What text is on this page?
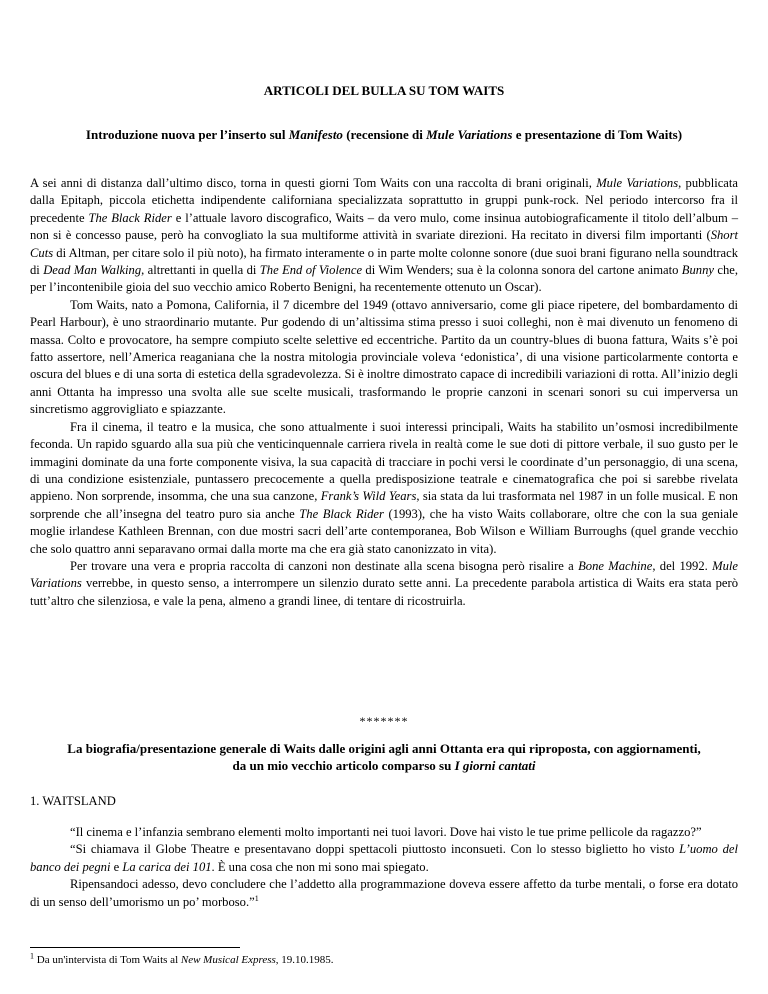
ARTICOLI DEL BULLA SU TOM WAITS

Introduzione nuova per l’inserto sul Manifesto (recensione di Mule Variations e presentazione di Tom Waits)

A sei anni di distanza dall’ultimo disco, torna in questi giorni Tom Waits con una raccolta di brani originali, Mule Variations, pubblicata dalla Epitaph, piccola etichetta indipendente californiana specializzata soprattutto in gruppi punk-rock. Nel periodo intercorso fra il precedente The Black Rider e l’attuale lavoro discografico, Waits – da vero mulo, come insinua autobiograficamente il titolo dell’album – non si è concesso pause, però ha convogliato la sua multiforme attività in svariate direzioni. Ha recitato in diversi film importanti (Short Cuts di Altman, per citare solo il più noto), ha firmato interamente o in parte molte colonne sonore (due suoi brani figurano nella soundtrack di Dead Man Walking, altrettanti in quella di The End of Violence di Wim Wenders; sua è la colonna sonora del cartone animato Bunny che, per l’incontenibile gioia del suo vecchio amico Roberto Benigni, ha recentemente ottenuto un Oscar).

Tom Waits, nato a Pomona, California, il 7 dicembre del 1949 (ottavo anniversario, come gli piace ripetere, del bombardamento di Pearl Harbour), è uno straordinario mutante. Pur godendo di un’altissima stima presso i suoi colleghi, non è mai divenuto un fenomeno di massa. Colto e provocatore, ha sempre compiuto scelte selettive ed eccentriche. Partito da un country-blues di buona fattura, Waits s’è poi fatto assertore, nell’America reaganiana che la nostra mitologia provinciale voleva ‘edonistica’, di una visione particolarmente contorta e oscura del blues e di una sorta di estetica della sgradevolezza. Si è inoltre dimostrato capace di incredibili variazioni di rotta. All’inizio degli anni Ottanta ha impresso una svolta alle sue scelte musicali, trasformando le proprie canzoni in scenari sonori su cui imperversa un sincretismo aggrovigliato e spiazzante.

Fra il cinema, il teatro e la musica, che sono attualmente i suoi interessi principali, Waits ha stabilito un’osmosi incredibilmente feconda. Un rapido sguardo alla sua più che venticinquennale carriera rivela in realtà come le sue doti di pittore verbale, il suo gusto per le immagini dominate da una forte componente visiva, la sua capacità di tracciare in pochi versi le coordinate d’un personaggio, di una scena, di una condizione esistenziale, puntassero precocemente a quella predisposizione teatrale e cinematografica che poi si sarebbe rivelata appieno. Non sorprende, insomma, che una sua canzone, Frank’s Wild Years, sia stata da lui trasformata nel 1987 in un folle musical. E non sorprende che all’insegna del teatro puro sia anche The Black Rider (1993), che ha visto Waits collaborare, oltre che con la sua geniale moglie irlandese Kathleen Brennan, con due mostri sacri dell’arte contemporanea, Bob Wilson e William Burroughs (quel grande vecchio che solo quattro anni separavano ormai dalla morte ma che era già stato canonizzato in vita).

Per trovare una vera e propria raccolta di canzoni non destinate alla scena bisogna però risalire a Bone Machine, del 1992. Mule Variations verrebbe, in questo senso, a interrompere un silenzio durato sette anni. La precedente parabola artistica di Waits era stata però tutt’altro che silenziosa, e vale la pena, almeno a grandi linee, di tentare di ricostruirla.

*******

La biografia/presentazione generale di Waits dalle origini agli anni Ottanta era qui riproposta, con aggiornamenti, da un mio vecchio articolo comparso su I giorni cantati

1. WAITSLAND

“Il cinema e l’infanzia sembrano elementi molto importanti nei tuoi lavori. Dove hai visto le tue prime pellicole da ragazzo?”

“Si chiamava il Globe Theatre e presentavano doppi spettacoli piuttosto inconsueti. Con lo stesso biglietto ho visto L’uomo del banco dei pegni e La carica dei 101. È una cosa che non mi sono mai spiegato.

Ripensandoci adesso, devo concludere che l’addetto alla programmazione doveva essere affetto da turbe mentali, o forse era dotato di un senso dell’umorismo un po’ morboso.”$^1$

$^1$ Da un'intervista di Tom Waits al New Musical Express, 19.10.1985.
